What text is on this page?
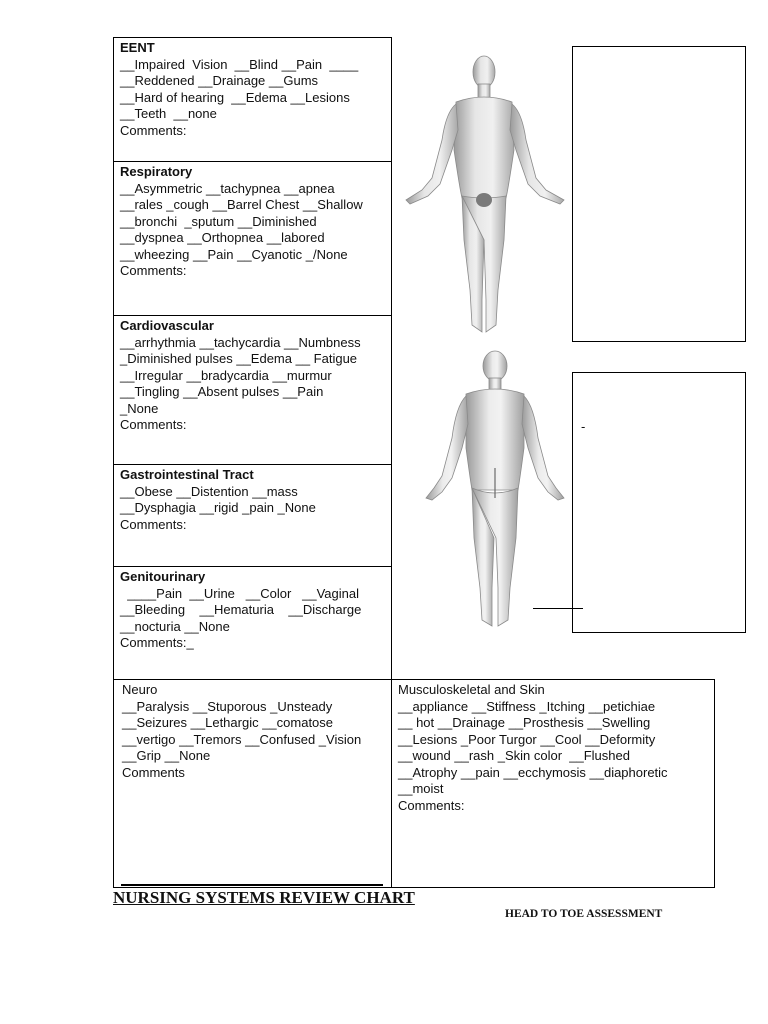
EENT
__Impaired  Vision  __Blind __Pain  ____
__Reddened __Drainage __Gums
__Hard of hearing  __Edema __Lesions
__Teeth  __none
Comments:
Respiratory
__Asymmetric __tachypnea __apnea
__rales _cough __Barrel Chest __Shallow
__bronchi  _sputum __Diminished
__dyspnea __Orthopnea __labored
__wheezing __Pain __Cyanotic _/None
Comments:
Cardiovascular
__arrhythmia __tachycardia __Numbness
_Diminished pulses __Edema __ Fatigue
__Irregular __bradycardia __murmur
__Tingling __Absent pulses __Pain
_None
Comments:
Gastrointestinal Tract
__Obese __Distention __mass
__Dysphagia __rigid _pain _None
Comments:
Genitourinary
____Pain  __Urine   __Color   __Vaginal
__Bleeding    __Hematuria    __Discharge
__nocturia __None
Comments:_
Neuro
__Paralysis __Stuporous _Unsteady
__Seizures __Lethargic __comatose
__vertigo __Tremors __Confused _Vision
__Grip __None
Comments
Musculoskeletal and Skin
__appliance __Stiffness _Itching __petichiae
__ hot __Drainage __Prosthesis __Swelling
__Lesions _Poor Turgor __Cool __Deformity
__wound __rash _Skin color  __Flushed
__Atrophy __pain __ecchymosis __diaphoretic
__moist
Comments:
-
NURSING SYSTEMS REVIEW CHART
HEAD TO TOE ASSESSMENT
